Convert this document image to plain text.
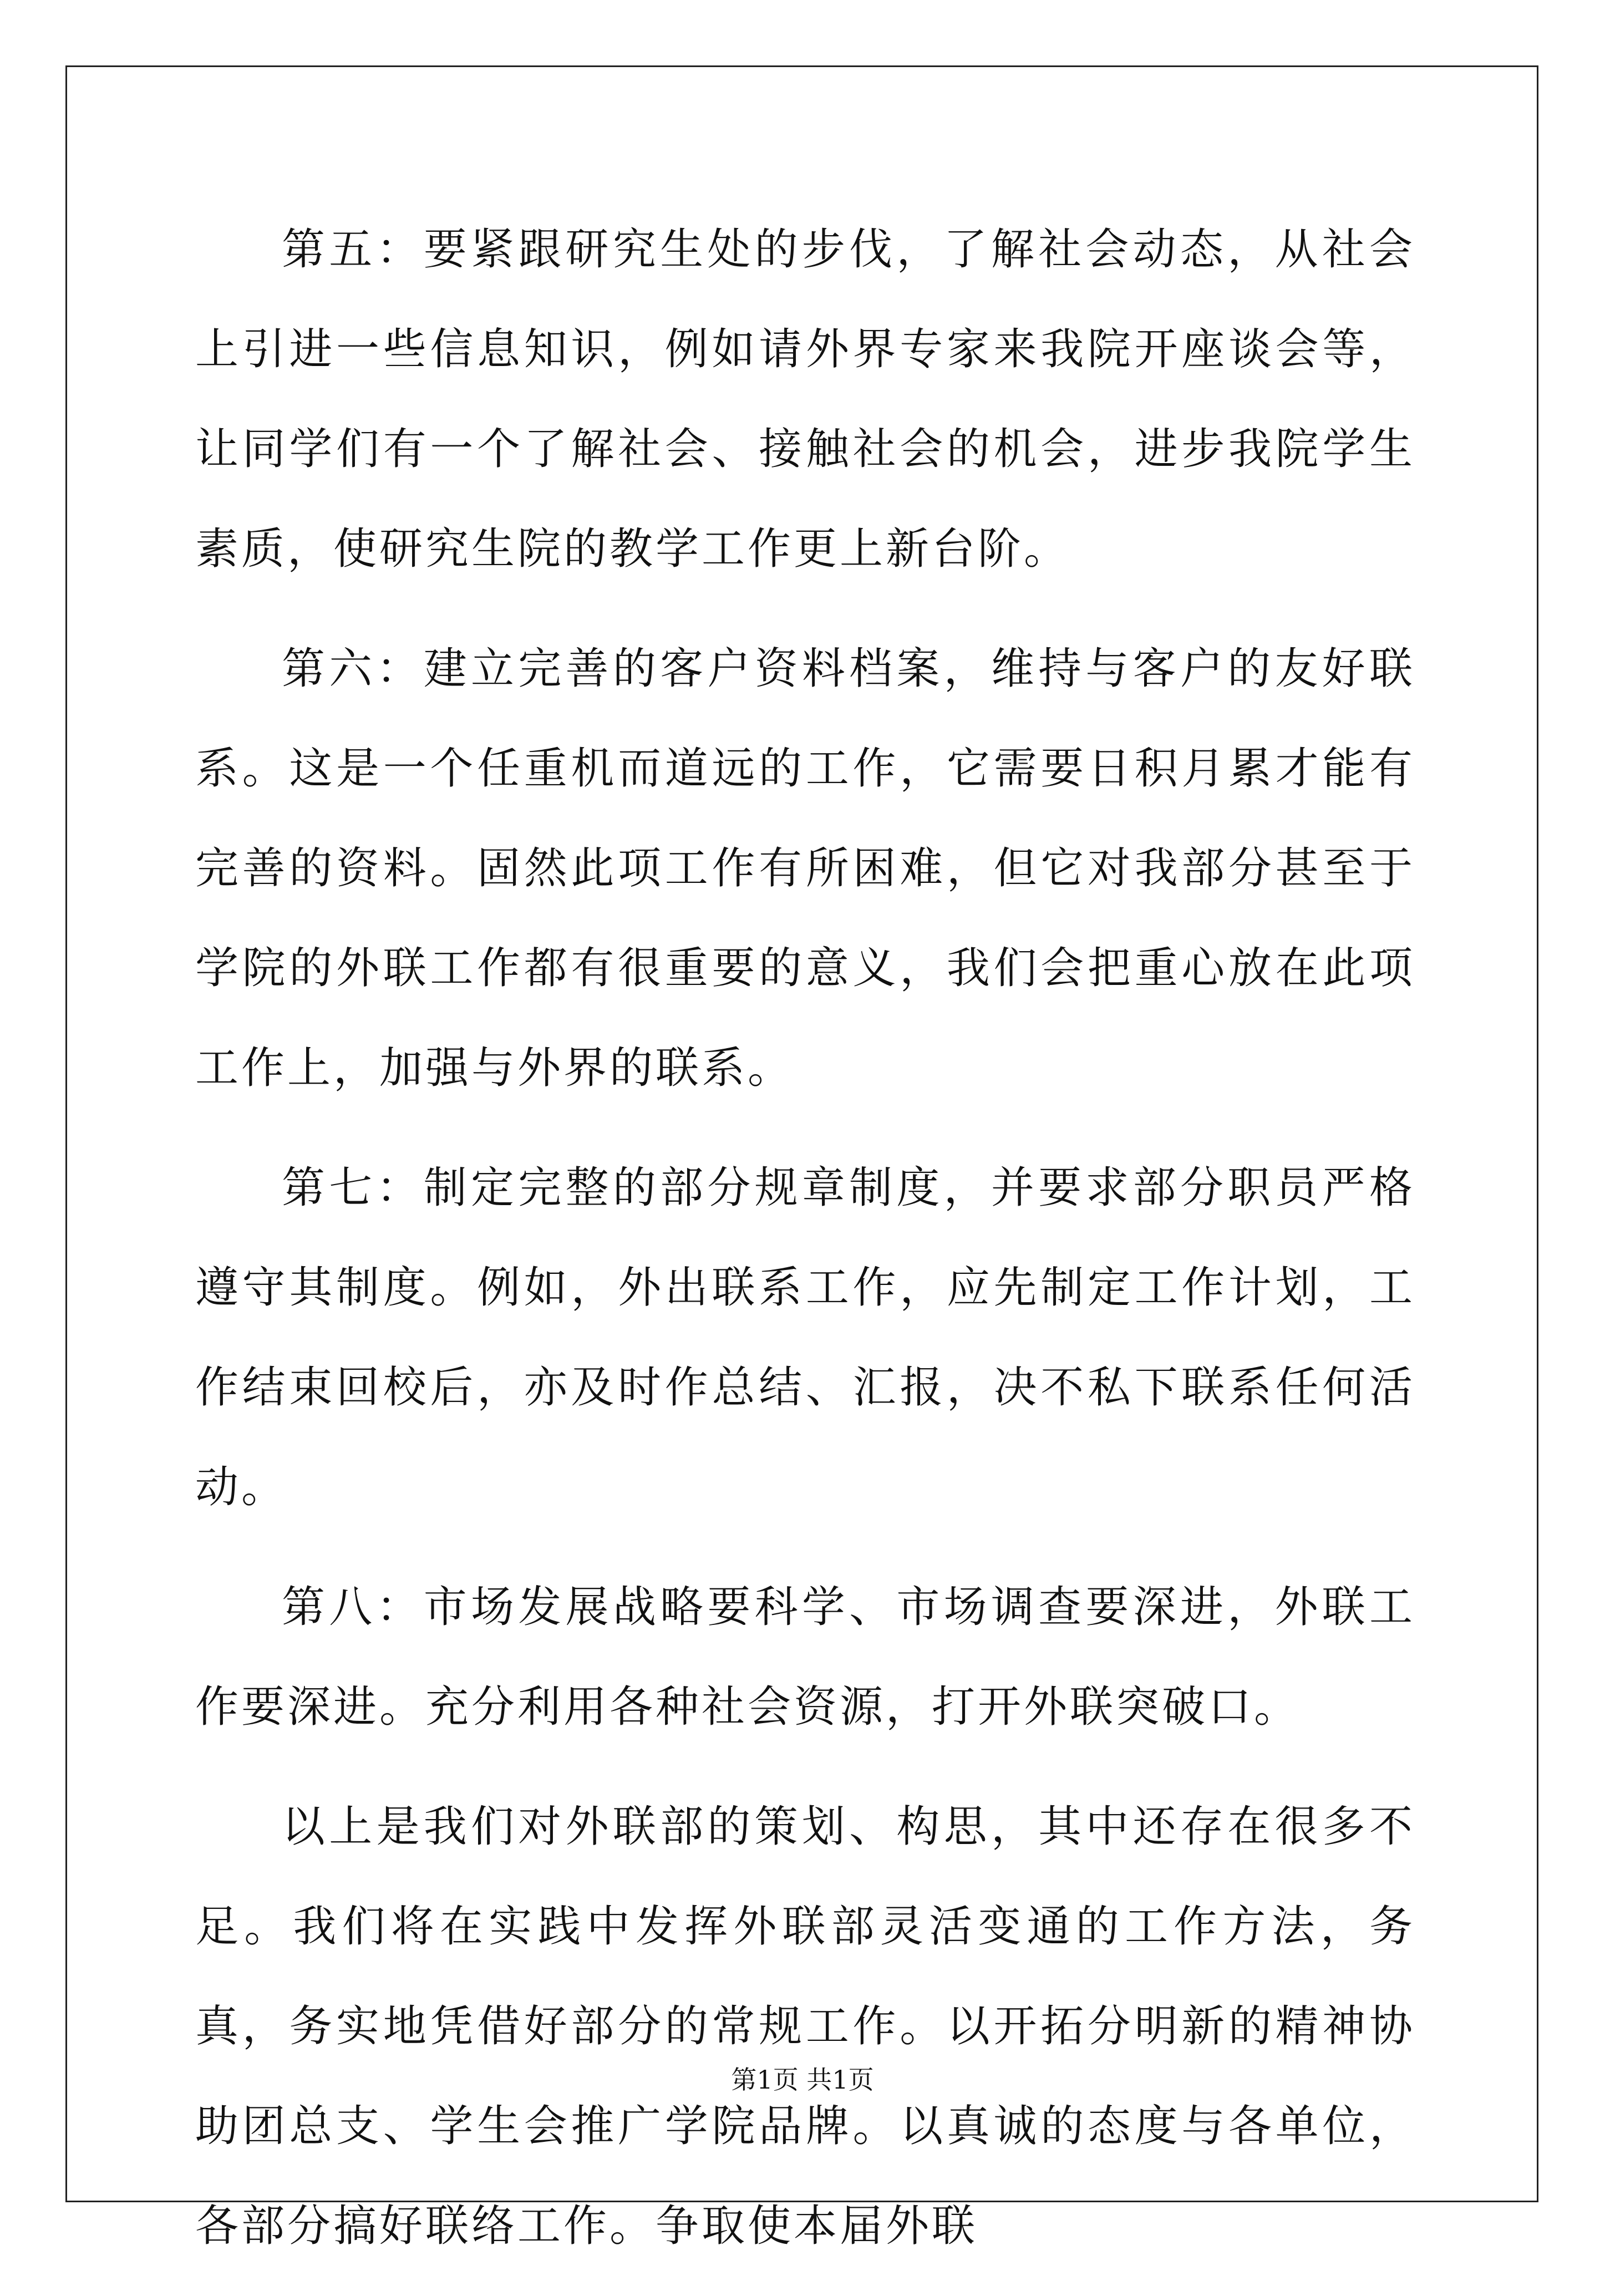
第五：要紧跟研究生处的步伐，了解社会动态，从社会上引进一些信息知识，例如请外界专家来我院开座谈会等，让同学们有一个了解社会、接触社会的机会，进步我院学生素质，使研究生院的教学工作更上新台阶。

第六：建立完善的客户资料档案，维持与客户的友好联系。这是一个任重机而道远的工作，它需要日积月累才能有完善的资料。固然此项工作有所困难，但它对我部分甚至于学院的外联工作都有很重要的意义，我们会把重心放在此项工作上，加强与外界的联系。

第七：制定完整的部分规章制度，并要求部分职员严格遵守其制度。例如，外出联系工作，应先制定工作计划，工作结束回校后，亦及时作总结、汇报，决不私下联系任何活动。

第八：市场发展战略要科学、市场调查要深进，外联工作要深进。充分利用各种社会资源，打开外联突破口。

以上是我们对外联部的策划、构思，其中还存在很多不足。我们将在实践中发挥外联部灵活变通的工作方法，务真，务实地凭借好部分的常规工作。以开拓分明新的精神协助团总支、学生会推广学院品牌。以真诚的态度与各单位，各部分搞好联络工作。争取使本届外联

第1页 共1页
